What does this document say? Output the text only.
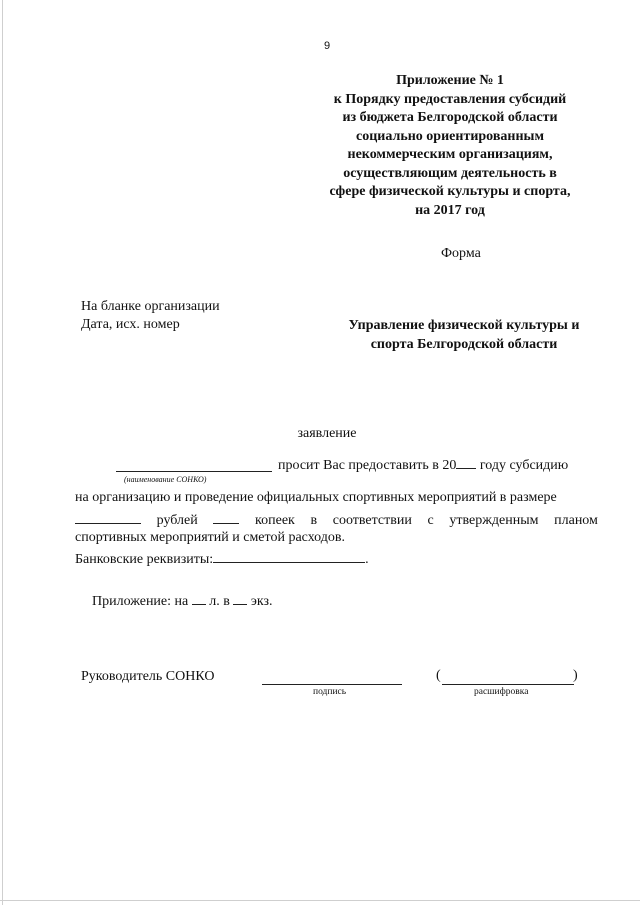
9
Приложение № 1
к Порядку предоставления субсидий
из бюджета Белгородской области
социально ориентированным
некоммерческим организациям,
осуществляющим деятельность в
сфере физической культуры и спорта,
на 2017 год
Форма
На бланке организации
Дата, исх. номер	Управление физической культуры и
спорта Белгородской области
заявление
просит Вас предоставить в 20 году субсидию
(наименование СОНКО)
на организацию и проведение официальных спортивных мероприятий в размере
рублей	копеек в соответствии с утвержденным планом
спортивных мероприятий и сметой расходов.
Банковские реквизиты:	.
Приложение: на л. в экз.
Руководитель СОНКО
подпись
(	)
расшифровка
